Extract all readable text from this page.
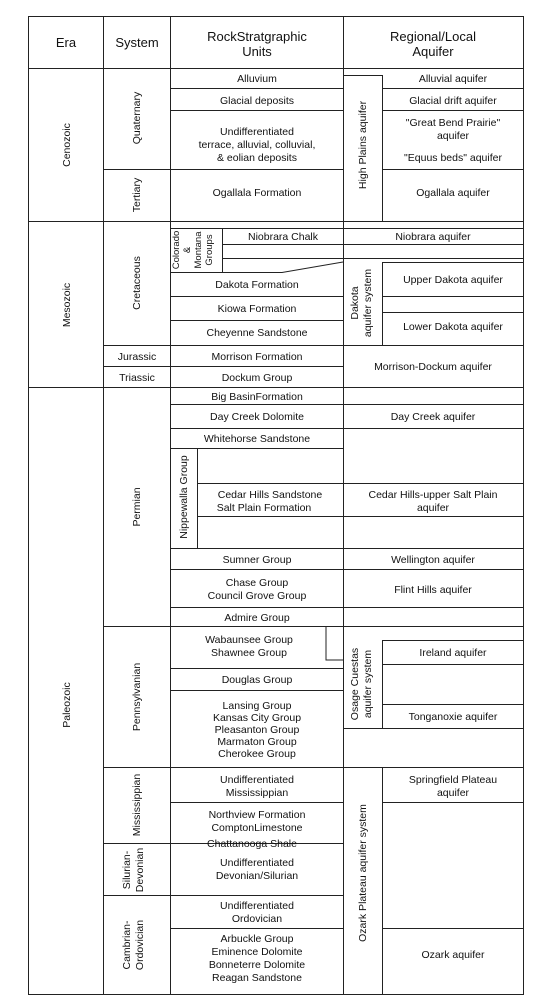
Era	System	RockStratgraphic
Units
Regional/Local
Aquifer
Cenozoic
Mesozoic
Paleozoic
Quaternary
Tertiary
Cretaceous
Jurassic
Triassic
Permian
Pennsylvanian
Mississippian
Silurian- Devonian
Cambrian- Ordovician
Colorado & Montana Groups
Nippewalla Group
Alluvium
Glacial deposits
Undifferentiated
terrace, alluvial, colluvial,
& eolian deposits
Ogallala Formation
Niobrara Chalk
Dakota Formation
Kiowa Formation
Cheyenne Sandstone
Morrison Formation
Dockum Group
Big BasinFormation
Day Creek Dolomite
Whitehorse Sandstone
Cedar Hills Sandstone
Salt Plain Formation
Sumner Group
Chase Group
Council Grove Group
Admire Group
Wabaunsee Group
Shawnee Group
Douglas Group
Lansing Group
Kansas City Group
Pleasanton Group
Marmaton Group
Cherokee Group
Undifferentiated
Mississippian
Northview Formation
ComptonLimestone
Chattanooga Shale
Undifferentiated
Devonian/Silurian
Undifferentiated
Ordovician
Arbuckle Group
Eminence Dolomite
Bonneterre Dolomite
Reagan Sandstone
High Plains aquifer
Dakota aquifer system
Osage Cuestas aquifer system
Ozark Plateau aquifer system
Alluvial aquifer
Glacial drift aquifer
"Great Bend Prairie"
aquifer
"Equus beds" aquifer
Ogallala aquifer
Niobrara aquifer
Upper Dakota aquifer
Lower Dakota aquifer
Morrison-Dockum aquifer
Day Creek aquifer
Cedar Hills-upper Salt Plain
aquifer
Wellington aquifer
Flint Hills aquifer
Ireland aquifer
Tonganoxie aquifer
Springfield Plateau
aquifer
Ozark aquifer
